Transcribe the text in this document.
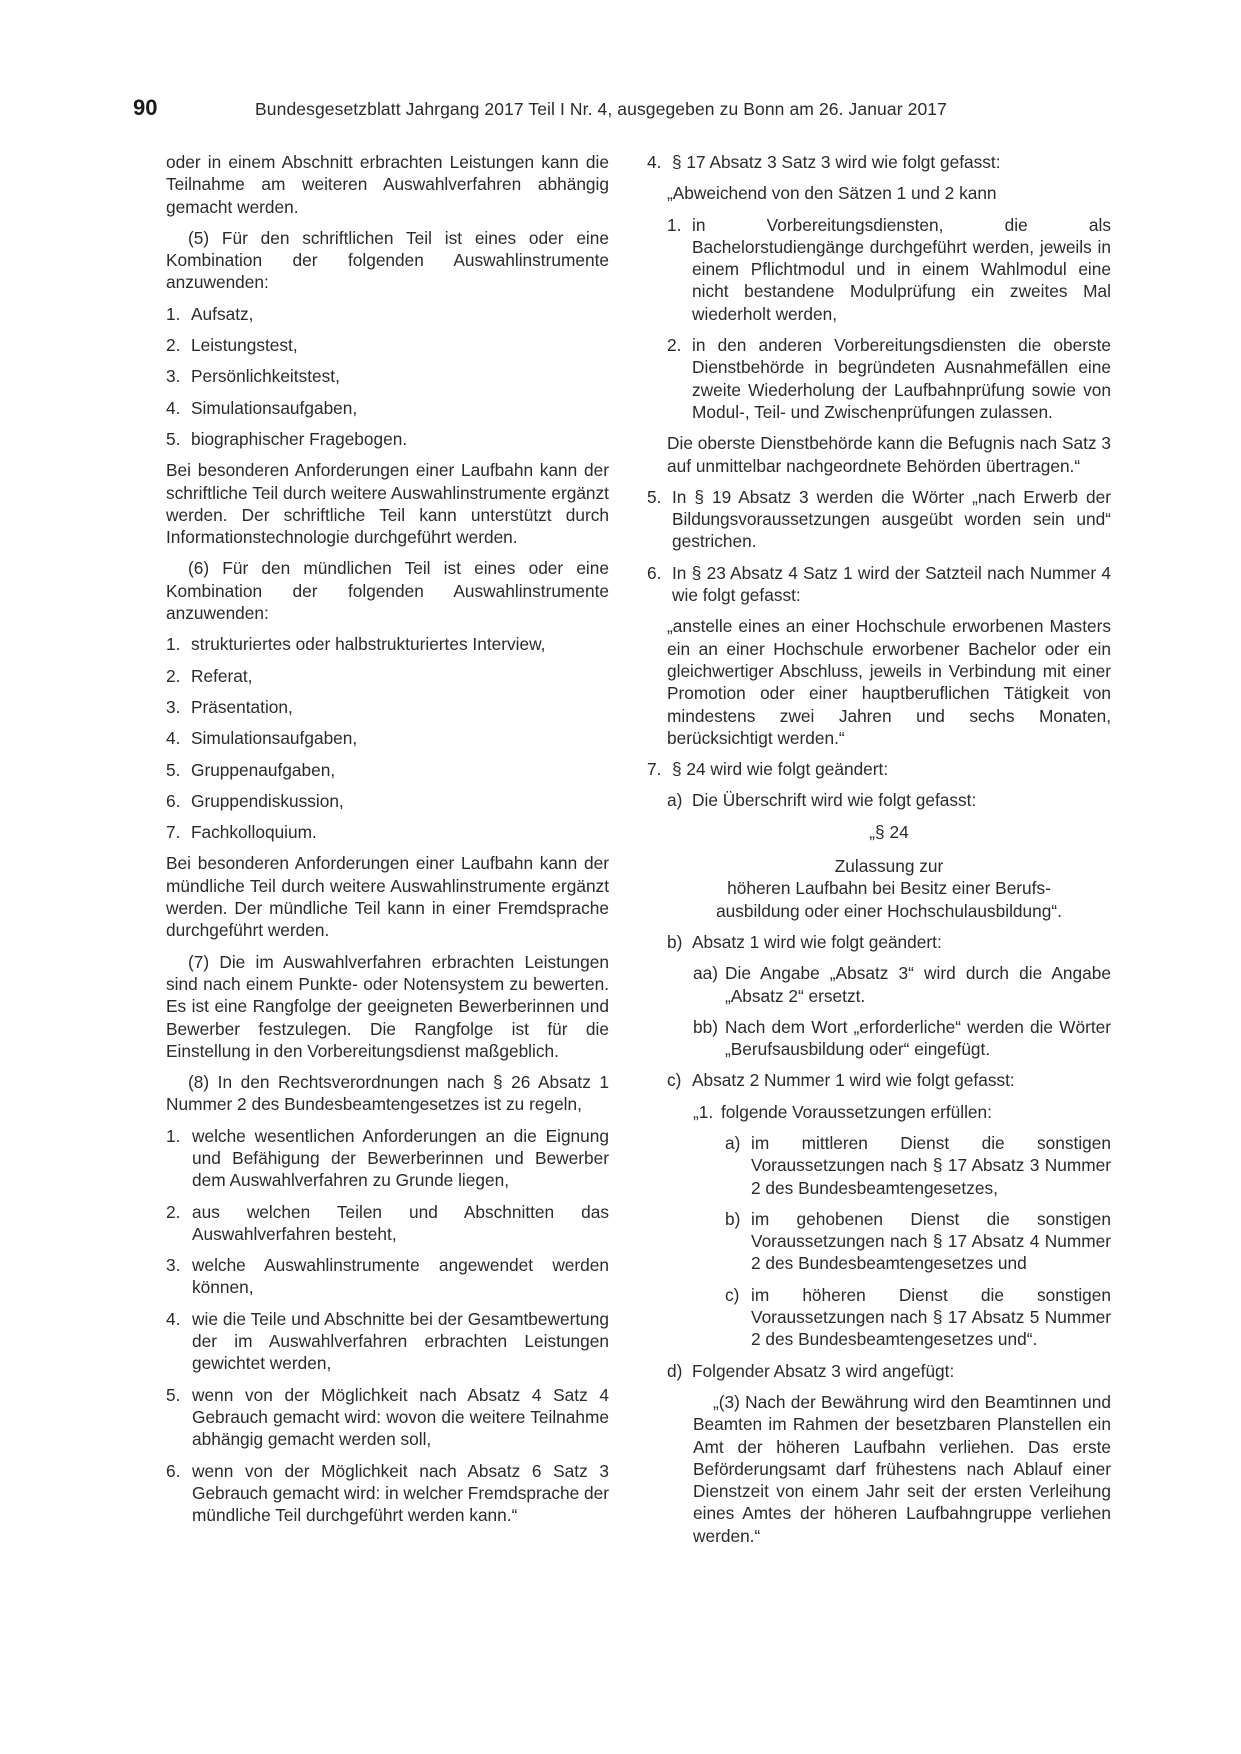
90	Bundesgesetzblatt Jahrgang 2017 Teil I Nr. 4, ausgegeben zu Bonn am 26. Januar 2017

oder in einem Abschnitt erbrachten Leistungen kann die Teilnahme am weiteren Auswahlverfahren abhängig gemacht werden.

(5) Für den schriftlichen Teil ist eines oder eine Kombination der folgenden Auswahlinstrumente anzuwenden:

1. Aufsatz,
2. Leistungstest,
3. Persönlichkeitstest,
4. Simulationsaufgaben,
5. biographischer Fragebogen.

Bei besonderen Anforderungen einer Laufbahn kann der schriftliche Teil durch weitere Auswahlinstrumente ergänzt werden. Der schriftliche Teil kann unterstützt durch Informationstechnologie durchgeführt werden.

(6) Für den mündlichen Teil ist eines oder eine Kombination der folgenden Auswahlinstrumente anzuwenden:

1. strukturiertes oder halbstrukturiertes Interview,
2. Referat,
3. Präsentation,
4. Simulationsaufgaben,
5. Gruppenaufgaben,
6. Gruppendiskussion,
7. Fachkolloquium.

Bei besonderen Anforderungen einer Laufbahn kann der mündliche Teil durch weitere Auswahlinstrumente ergänzt werden. Der mündliche Teil kann in einer Fremdsprache durchgeführt werden.

(7) Die im Auswahlverfahren erbrachten Leistungen sind nach einem Punkte- oder Notensystem zu bewerten. Es ist eine Rangfolge der geeigneten Bewerberinnen und Bewerber festzulegen. Die Rangfolge ist für die Einstellung in den Vorbereitungsdienst maßgeblich.

(8) In den Rechtsverordnungen nach § 26 Absatz 1 Nummer 2 des Bundesbeamtengesetzes ist zu regeln,

1. welche wesentlichen Anforderungen an die Eignung und Befähigung der Bewerberinnen und Bewerber dem Auswahlverfahren zu Grunde liegen,
2. aus welchen Teilen und Abschnitten das Auswahlverfahren besteht,
3. welche Auswahlinstrumente angewendet werden können,
4. wie die Teile und Abschnitte bei der Gesamtbewertung der im Auswahlverfahren erbrachten Leistungen gewichtet werden,
5. wenn von der Möglichkeit nach Absatz 4 Satz 4 Gebrauch gemacht wird: wovon die weitere Teilnahme abhängig gemacht werden soll,
6. wenn von der Möglichkeit nach Absatz 6 Satz 3 Gebrauch gemacht wird: in welcher Fremdsprache der mündliche Teil durchgeführt werden kann.“
4. § 17 Absatz 3 Satz 3 wird wie folgt gefasst:

„Abweichend von den Sätzen 1 und 2 kann

1. in Vorbereitungsdiensten, die als Bachelorstudiengänge durchgeführt werden, jeweils in einem Pflichtmodul und in einem Wahlmodul eine nicht bestandene Modulprüfung ein zweites Mal wiederholt werden,
2. in den anderen Vorbereitungsdiensten die oberste Dienstbehörde in begründeten Ausnahmefällen eine zweite Wiederholung der Laufbahnprüfung sowie von Modul-, Teil- und Zwischenprüfungen zulassen.

Die oberste Dienstbehörde kann die Befugnis nach Satz 3 auf unmittelbar nachgeordnete Behörden übertragen.“

5. In § 19 Absatz 3 werden die Wörter „nach Erwerb der Bildungsvoraussetzungen ausgeübt worden sein und“ gestrichen.
6. In § 23 Absatz 4 Satz 1 wird der Satzteil nach Nummer 4 wie folgt gefasst:

„anstelle eines an einer Hochschule erworbenen Masters ein an einer Hochschule erworbener Bachelor oder ein gleichwertiger Abschluss, jeweils in Verbindung mit einer Promotion oder einer hauptberuflichen Tätigkeit von mindestens zwei Jahren und sechs Monaten, berücksichtigt werden.“

7. § 24 wird wie folgt geändert:
a) Die Überschrift wird wie folgt gefasst:
„§ 24
Zulassung zur
höheren Laufbahn bei Besitz einer Berufs-
ausbildung oder einer Hochschulausbildung“.
b) Absatz 1 wird wie folgt geändert:
aa) Die Angabe „Absatz 3“ wird durch die Angabe „Absatz 2“ ersetzt.
bb) Nach dem Wort „erforderliche“ werden die Wörter „Berufsausbildung oder“ eingefügt.
c) Absatz 2 Nummer 1 wird wie folgt gefasst:
„1. folgende Voraussetzungen erfüllen:
a) im mittleren Dienst die sonstigen Voraussetzungen nach § 17 Absatz 3 Nummer 2 des Bundesbeamtengesetzes,
b) im gehobenen Dienst die sonstigen Voraussetzungen nach § 17 Absatz 4 Nummer 2 des Bundesbeamtengesetzes und
c) im höheren Dienst die sonstigen Voraussetzungen nach § 17 Absatz 5 Nummer 2 des Bundesbeamtengesetzes und“.
d) Folgender Absatz 3 wird angefügt:

„(3) Nach der Bewährung wird den Beamtinnen und Beamten im Rahmen der besetzbaren Planstellen ein Amt der höheren Laufbahn verliehen. Das erste Beförderungsamt darf frühestens nach Ablauf einer Dienstzeit von einem Jahr seit der ersten Verleihung eines Amtes der höheren Laufbahngruppe verliehen werden.“
